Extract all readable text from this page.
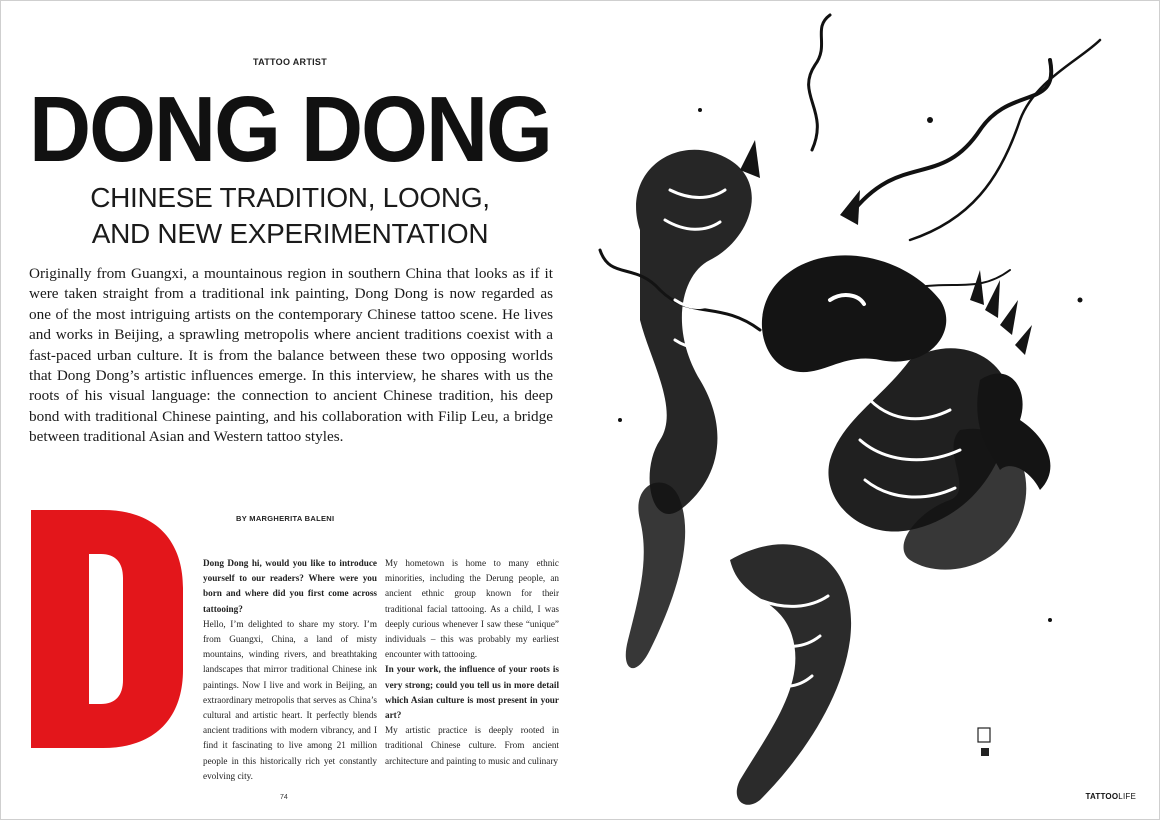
TATTOO ARTIST
DONG DONG
CHINESE TRADITION, LOONG,
AND NEW EXPERIMENTATION
Originally from Guangxi, a mountainous region in southern China that looks as if it were taken straight from a traditional ink painting, Dong Dong is now regarded as one of the most intriguing artists on the contemporary Chinese tattoo scene. He lives and works in Beijing, a sprawling metropolis where ancient traditions coexist with a fast-paced urban culture. It is from the balance between these two opposing worlds that Dong Dong’s artistic influences emerge. In this interview, he shares with us the roots of his visual language: the connection to ancient Chinese tradition, his deep bond with traditional Chinese painting, and his collaboration with Filip Leu, a bridge between traditional Asian and Western tattoo styles.
BY MARGHERITA BALENI

Dong Dong hi, would you like to introduce yourself to our readers? Where were you born and where did you first come across tattooing?

Hello, I’m delighted to share my story. I’m from Guangxi, China, a land of misty mountains, winding rivers, and breathtaking landscapes that mirror traditional Chinese ink paintings. Now I live and work in Beijing, an extraordinary metropolis that serves as China’s cultural and artistic heart. It perfectly blends ancient traditions with modern vibrancy, and I find it fascinating to live among 21 million people in this historically rich yet constantly evolving city.

My hometown is home to many ethnic minorities, including the Derung people, an ancient ethnic group known for their traditional facial tattooing. As a child, I was deeply curious whenever I saw these “unique” individuals – this was probably my earliest encounter with tattooing.

In your work, the influence of your roots is very strong; could you tell us in more detail which Asian culture is most present in your art?

My artistic practice is deeply rooted in traditional Chinese culture. From ancient architecture and painting to music and culinary

74	TATTOOLIFE
